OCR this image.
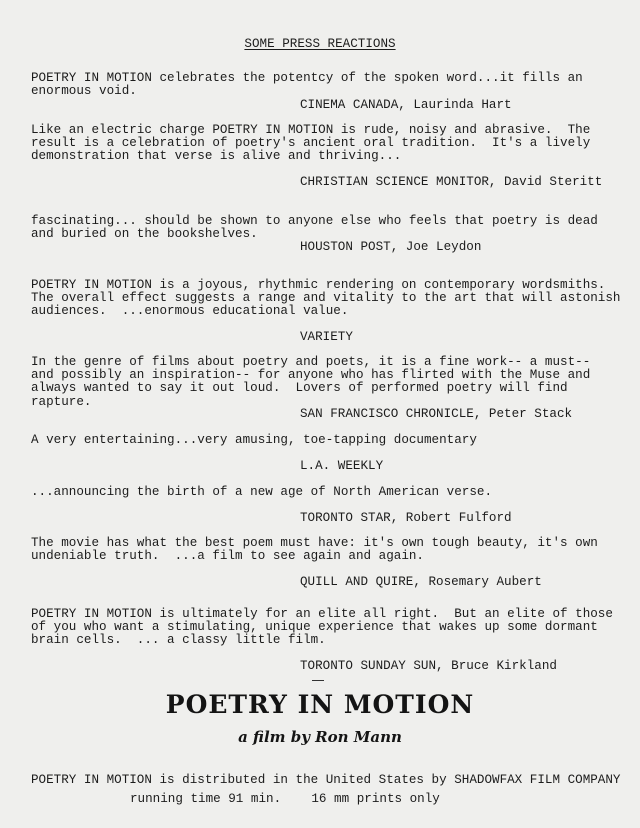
SOME PRESS REACTIONS
POETRY IN MOTION celebrates the potentcy of the spoken word...it fills an
enormous void.
CINEMA CANADA, Laurinda Hart
Like an electric charge POETRY IN MOTION is rude, noisy and abrasive.  The
result is a celebration of poetry's ancient oral tradition.  It's a lively
demonstration that verse is alive and thriving...
CHRISTIAN SCIENCE MONITOR, David Steritt
fascinating... should be shown to anyone else who feels that poetry is dead
and buried on the bookshelves.
HOUSTON POST, Joe Leydon
POETRY IN MOTION is a joyous, rhythmic rendering on contemporary wordsmiths.
The overall effect suggests a range and vitality to the art that will astonish
audiences.  ...enormous educational value.
VARIETY
In the genre of films about poetry and poets, it is a fine work-- a must--
and possibly an inspiration-- for anyone who has flirted with the Muse and
always wanted to say it out loud.  Lovers of performed poetry will find
rapture.
SAN FRANCISCO CHRONICLE, Peter Stack
A very entertaining...very amusing, toe-tapping documentary
L.A. WEEKLY
...announcing the birth of a new age of North American verse.
TORONTO STAR, Robert Fulford
The movie has what the best poem must have: it's own tough beauty, it's own
undeniable truth.  ...a film to see again and again.
QUILL AND QUIRE, Rosemary Aubert
POETRY IN MOTION is ultimately for an elite all right.  But an elite of those
of you who want a stimulating, unique experience that wakes up some dormant
brain cells.  ... a classy little film.
TORONTO SUNDAY SUN, Bruce Kirkland
POETRY IN MOTION
a film by Ron Mann
POETRY IN MOTION is distributed in the United States by SHADOWFAX FILM COMPANY
running time 91 min.    16 mm prints only
